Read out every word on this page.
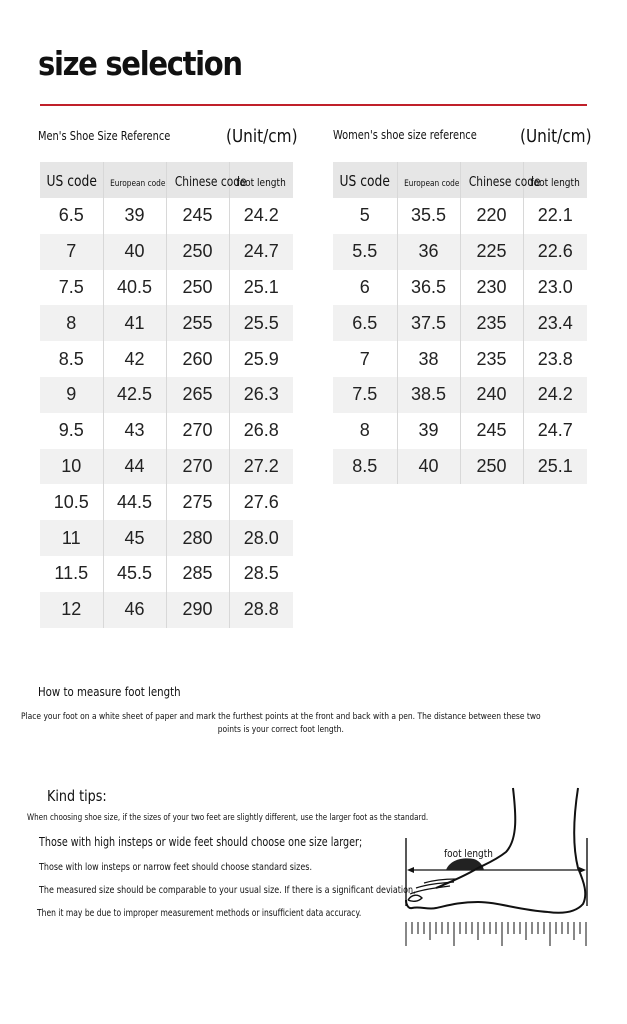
size selection
Men's Shoe Size Reference	(Unit/cm)
US code	European code	Chinese code	foot length
6.5	39	245	24.2
7	40	250	24.7
7.5	40.5	250	25.1
8	41	255	25.5
8.5	42	260	25.9
9	42.5	265	26.3
9.5	43	270	26.8
10	44	270	27.2
10.5	44.5	275	27.6
11	45	280	28.0
11.5	45.5	285	28.5
12	46	290	28.8
Women's shoe size reference (Unit/cm)
US code	European code	Chinese code	foot length
5	35.5	220	22.1
5.5	36	225	22.6
6	36.5	230	23.0
6.5	37.5	235	23.4
7	38	235	23.8
7.5	38.5	240	24.2
8	39	245	24.7
8.5	40	250	25.1
How to measure foot length
Place your foot on a white sheet of paper and mark the furthest points at the front and back with a pen. The distance between these two points is your correct foot length.
Kind tips:
When choosing shoe size, if the sizes of your two feet are slightly different, use the larger foot as the standard.
Those with high insteps or wide feet should choose one size larger;
Those with low insteps or narrow feet should choose standard sizes.
The measured size should be comparable to your usual size. If there is a significant deviation,
Then it may be due to improper measurement methods or insufficient data accuracy.
foot length
